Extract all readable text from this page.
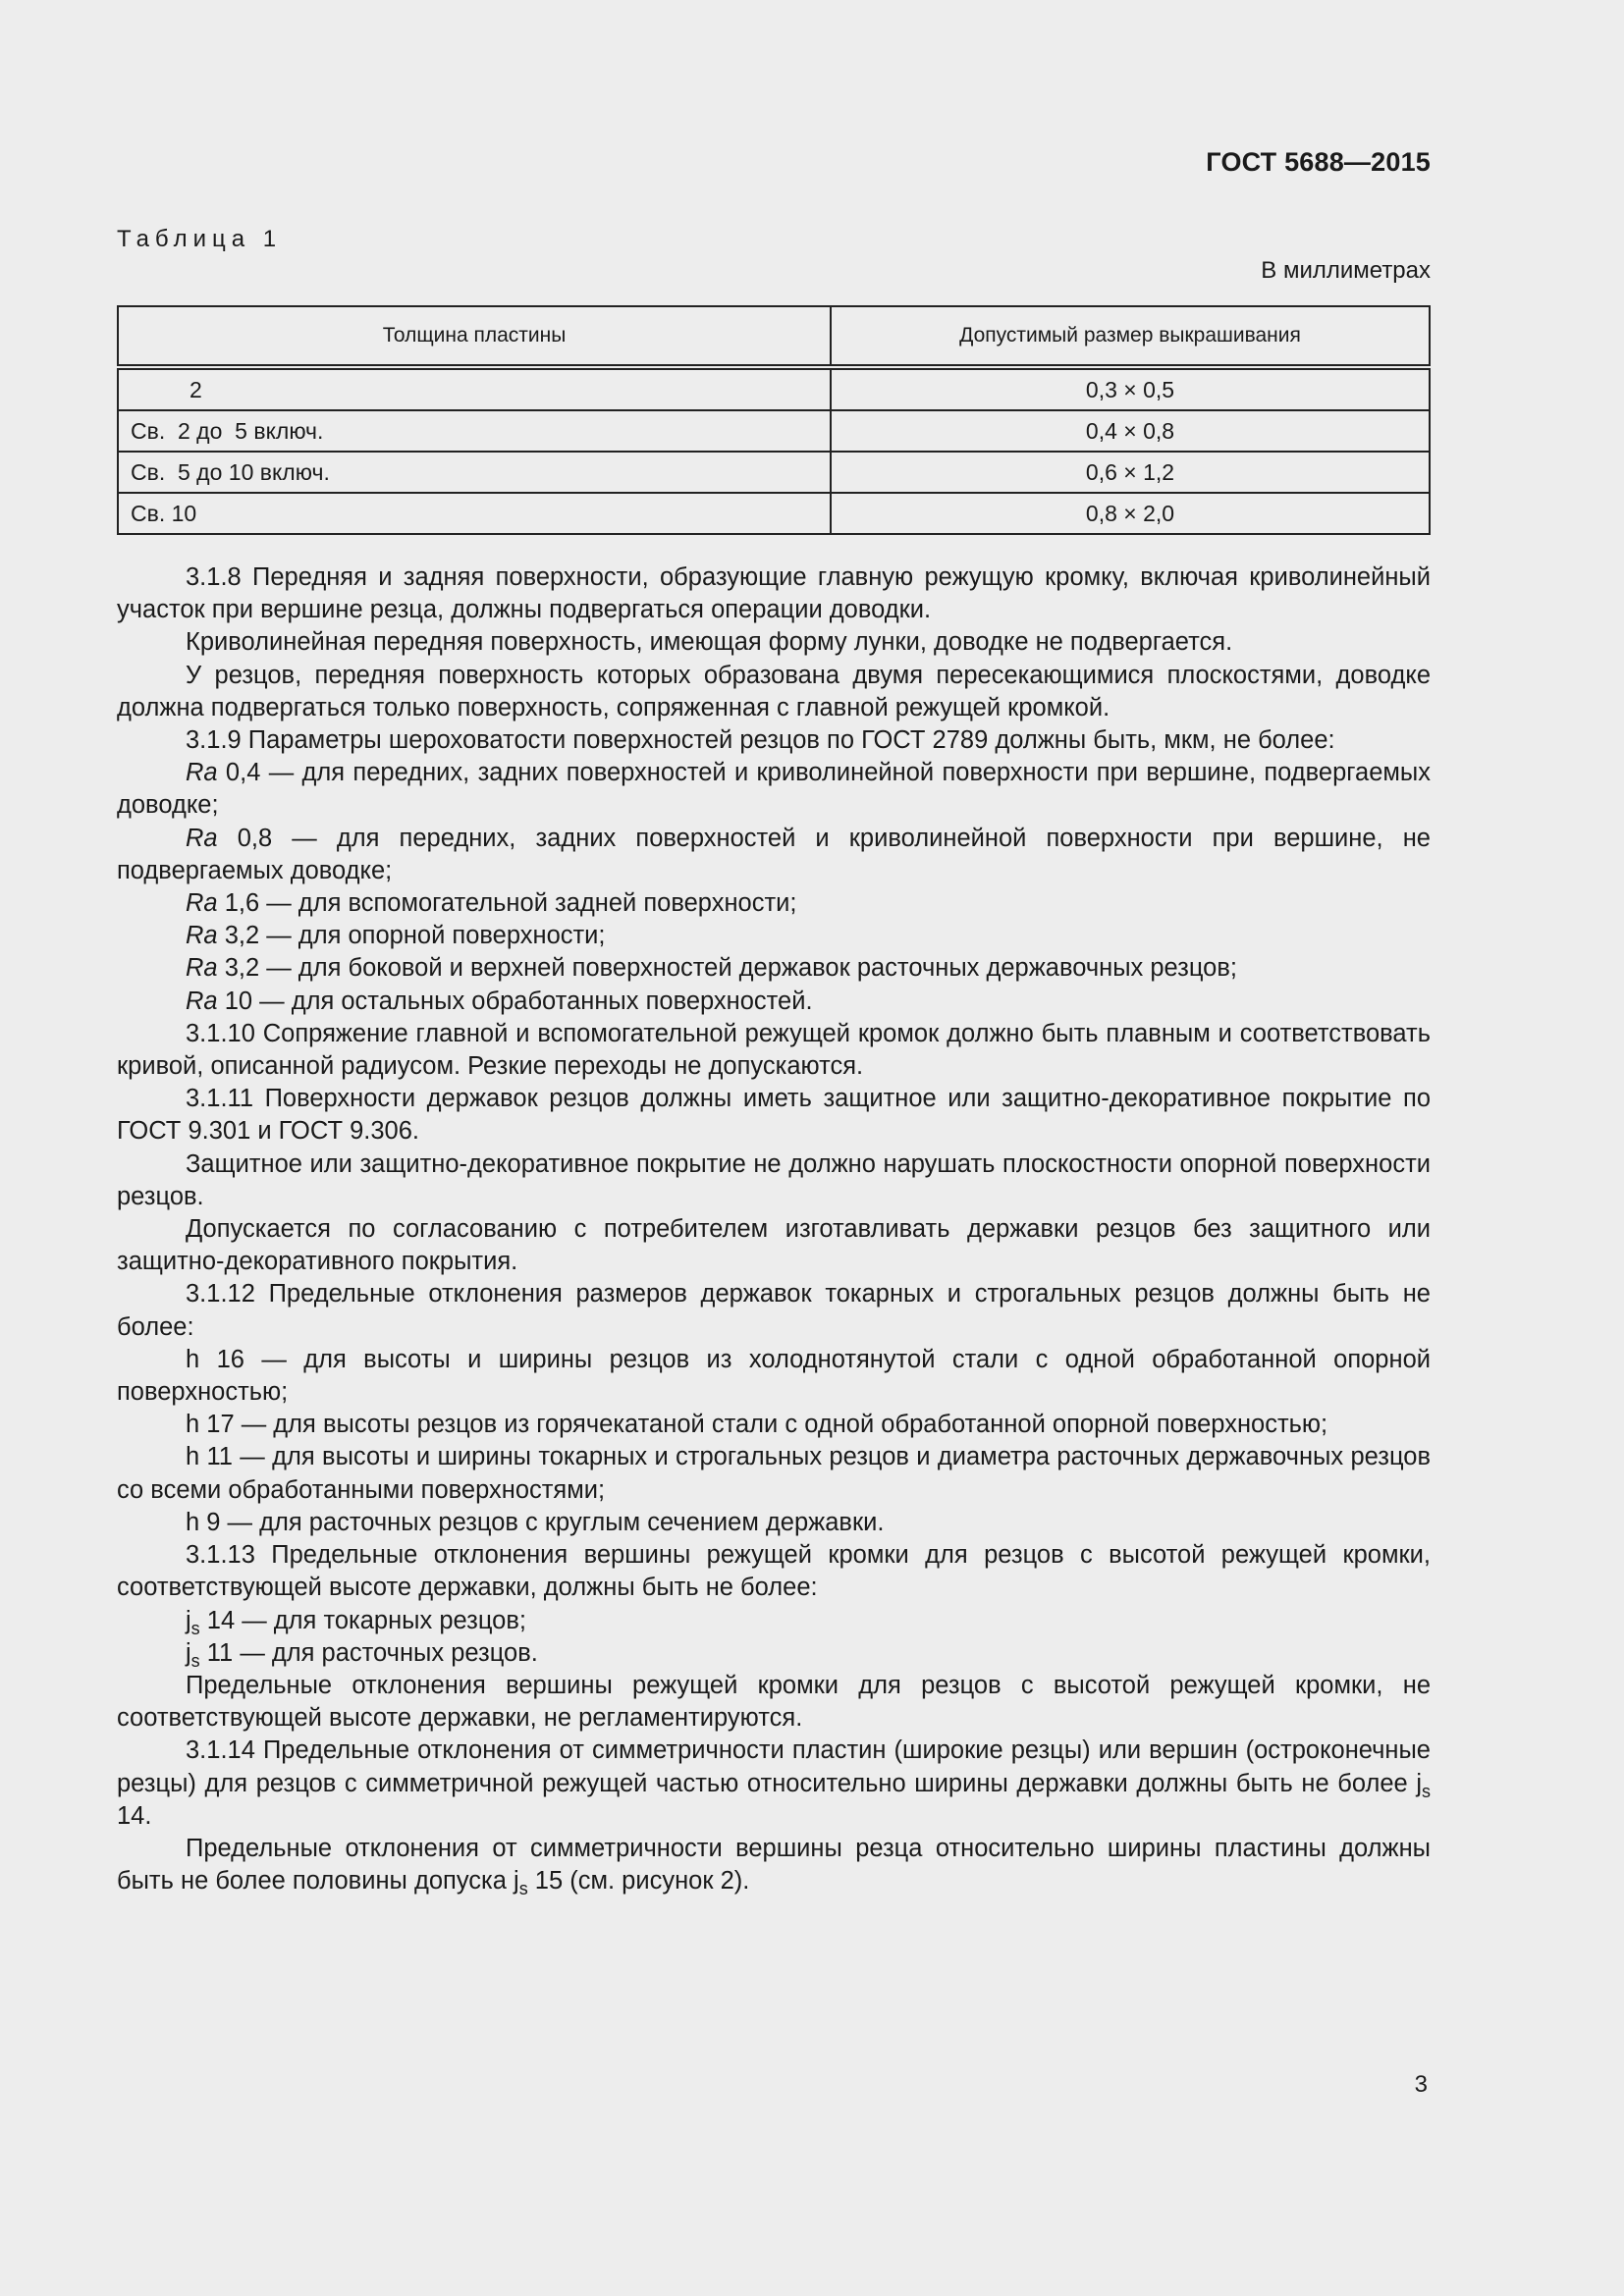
ГОСТ 5688—2015
Таблица 1
В миллиметрах
Толщина пластины	Допустимый размер выкрашивания
2	0,3 × 0,5
Св.  2 до  5 включ.	0,4 × 0,8
Св.  5 до 10 включ.	0,6 × 1,2
Св. 10	0,8 × 2,0

3.1.8 Передняя и задняя поверхности, образующие главную режущую кромку, включая криволинейный участок при вершине резца, должны подвергаться операции доводки.

Криволинейная передняя поверхность, имеющая форму лунки, доводке не подвергается.

У резцов, передняя поверхность которых образована двумя пересекающимися плоскостями, доводке должна подвергаться только поверхность, сопряженная с главной режущей кромкой.

3.1.9 Параметры шероховатости поверхностей резцов по ГОСТ 2789 должны быть, мкм, не более:

Ra 0,4 — для передних, задних поверхностей и криволинейной поверхности при вершине, подвергаемых доводке;

Ra 0,8 — для передних, задних поверхностей и криволинейной поверхности при вершине, не подвергаемых доводке;

Ra 1,6 — для вспомогательной задней поверхности;

Ra 3,2 — для опорной поверхности;

Ra 3,2 — для боковой и верхней поверхностей державок расточных державочных резцов;

Ra 10 — для остальных обработанных поверхностей.

3.1.10 Сопряжение главной и вспомогательной режущей кромок должно быть плавным и соответствовать кривой, описанной радиусом. Резкие переходы не допускаются.

3.1.11 Поверхности державок резцов должны иметь защитное или защитно-декоративное покрытие по ГОСТ 9.301 и ГОСТ 9.306.

Защитное или защитно-декоративное покрытие не должно нарушать плоскостности опорной поверхности резцов.

Допускается по согласованию с потребителем изготавливать державки резцов без защитного или защитно-декоративного покрытия.

3.1.12 Предельные отклонения размеров державок токарных и строгальных резцов должны быть не более:

h 16 — для высоты и ширины резцов из холоднотянутой стали с одной обработанной опорной поверхностью;

h 17 — для высоты резцов из горячекатаной стали с одной обработанной опорной поверхностью;

h 11 — для высоты и ширины токарных и строгальных резцов и диаметра расточных державочных резцов со всеми обработанными поверхностями;

h 9 — для расточных резцов с круглым сечением державки.

3.1.13 Предельные отклонения вершины режущей кромки для резцов с высотой режущей кромки, соответствующей высоте державки, должны быть не более:

$j_s$ 14 — для токарных резцов;

$j_s$ 11 — для расточных резцов.

Предельные отклонения вершины режущей кромки для резцов с высотой режущей кромки, не соответствующей высоте державки, не регламентируются.

3.1.14 Предельные отклонения от симметричности пластин (широкие резцы) или вершин (остроконечные резцы) для резцов с симметричной режущей частью относительно ширины державки должны быть не более $j_s$ 14.

Предельные отклонения от симметричности вершины резца относительно ширины пластины должны быть не более половины допуска $j_s$ 15 (см. рисунок 2).

3
